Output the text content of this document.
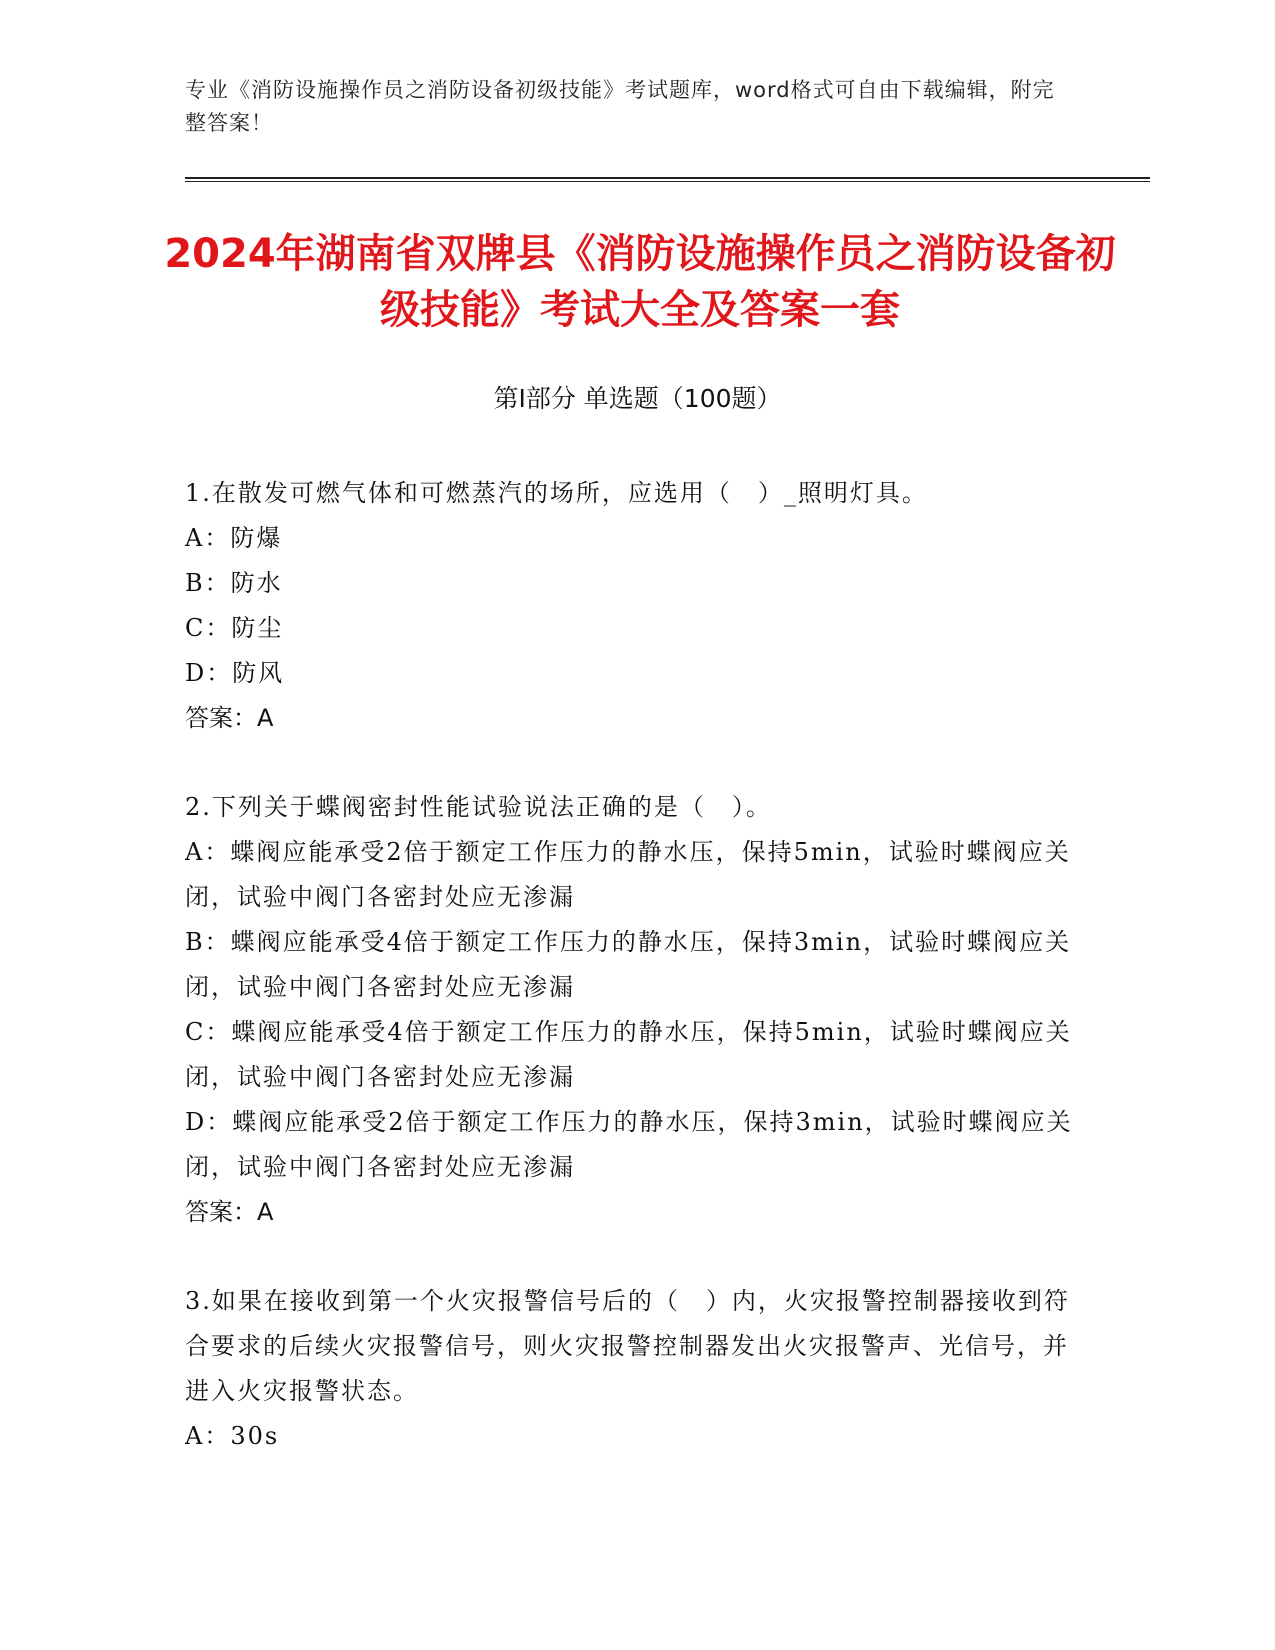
专业《消防设施操作员之消防设备初级技能》考试题库，word格式可自由下载编辑，附完整答案！
2024年湖南省双牌县《消防设施操作员之消防设备初级技能》考试大全及答案一套
第Ⅰ部分 单选题（100题）
1.在散发可燃气体和可燃蒸汽的场所，应选用（　）_照明灯具。
A：防爆
B：防水
C：防尘
D：防风
答案：A
2.下列关于蝶阀密封性能试验说法正确的是（　）。
A：蝶阀应能承受2倍于额定工作压力的静水压，保持5min，试验时蝶阀应关闭，试验中阀门各密封处应无渗漏
B：蝶阀应能承受4倍于额定工作压力的静水压，保持3min，试验时蝶阀应关闭，试验中阀门各密封处应无渗漏
C：蝶阀应能承受4倍于额定工作压力的静水压，保持5min，试验时蝶阀应关闭，试验中阀门各密封处应无渗漏
D：蝶阀应能承受2倍于额定工作压力的静水压，保持3min，试验时蝶阀应关闭，试验中阀门各密封处应无渗漏
答案：A
3.如果在接收到第一个火灾报警信号后的（　）内，火灾报警控制器接收到符合要求的后续火灾报警信号，则火灾报警控制器发出火灾报警声、光信号，并进入火灾报警状态。
A：30s
